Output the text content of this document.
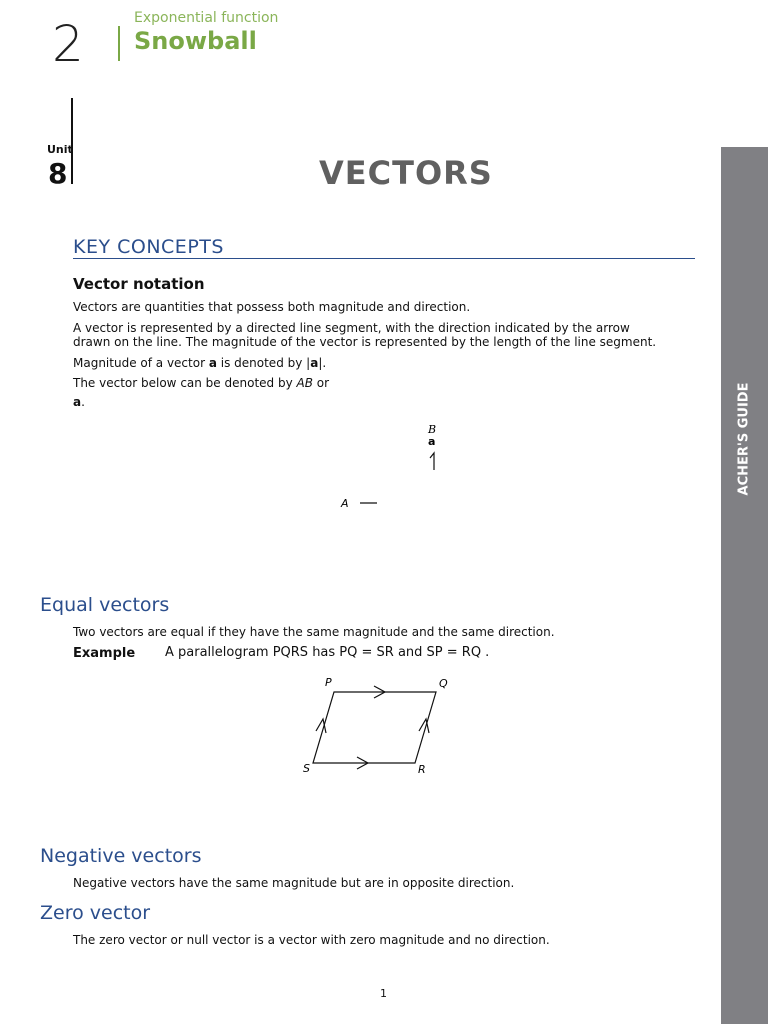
2	Exponential function
Snowball
Unit
8	VECTORS
ACHER'S GUIDE
KEY CONCEPTS
Vector notation
Vectors are quantities that possess both magnitude and direction.
A vector is represented by a directed line segment, with the direction indicated by the arrow
drawn on the line. The magnitude of the vector is represented by the length of the line segment.
Magnitude of a vector a is denoted by |a|.
The vector below can be denoted by AB or
a.
B
a
A
Equal vectors
Two vectors are equal if they have the same magnitude and the same direction.
Example A parallelogram PQRS has PQ = SR and SP = RQ .
P	Q
R
S
Negative vectors
Negative vectors have the same magnitude but are in opposite direction.
Zero vector
The zero vector or null vector is a vector with zero magnitude and no direction.
1
